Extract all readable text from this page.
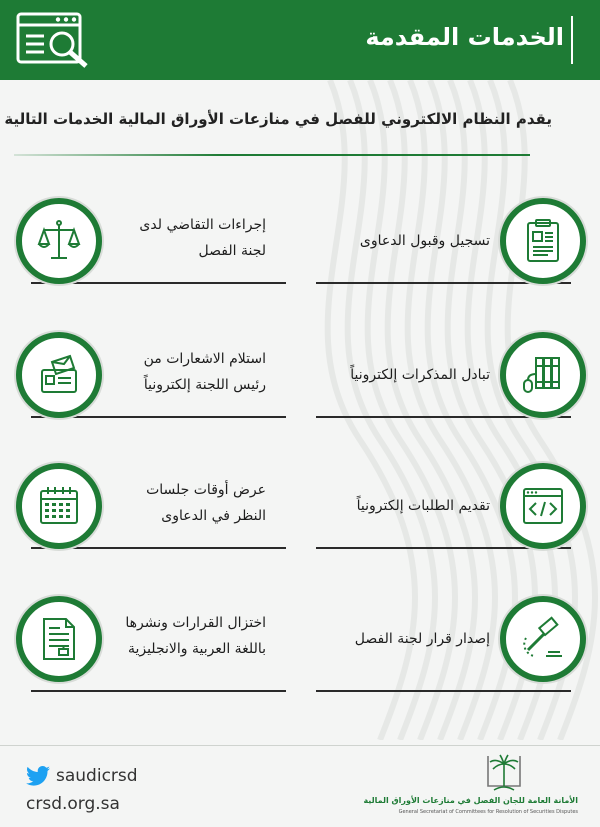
الخدمات المقدمة

يقدم النظام الالكتروني للفصل في منازعات الأوراق المالية الخدمات التالية

تسجيل وقبول الدعاوى
إجراءات التقاضي لدى
لجنة الفصل
تبادل المذكرات إلكترونياً
استلام الاشعارات من
رئيس اللجنة إلكترونياً
تقديم الطلبات إلكترونياً
عرض أوقات جلسات
النظر في الدعاوى
إصدار قرار لجنة الفصل
اختزال القرارات ونشرها
باللغة العربية والانجليزية
saudicrsd
crsd.org.sa	الأمانة العامة للجان الفصل في منازعات الأوراق المالية
General Secretariat of Committees for Resolution of Securities Disputes
